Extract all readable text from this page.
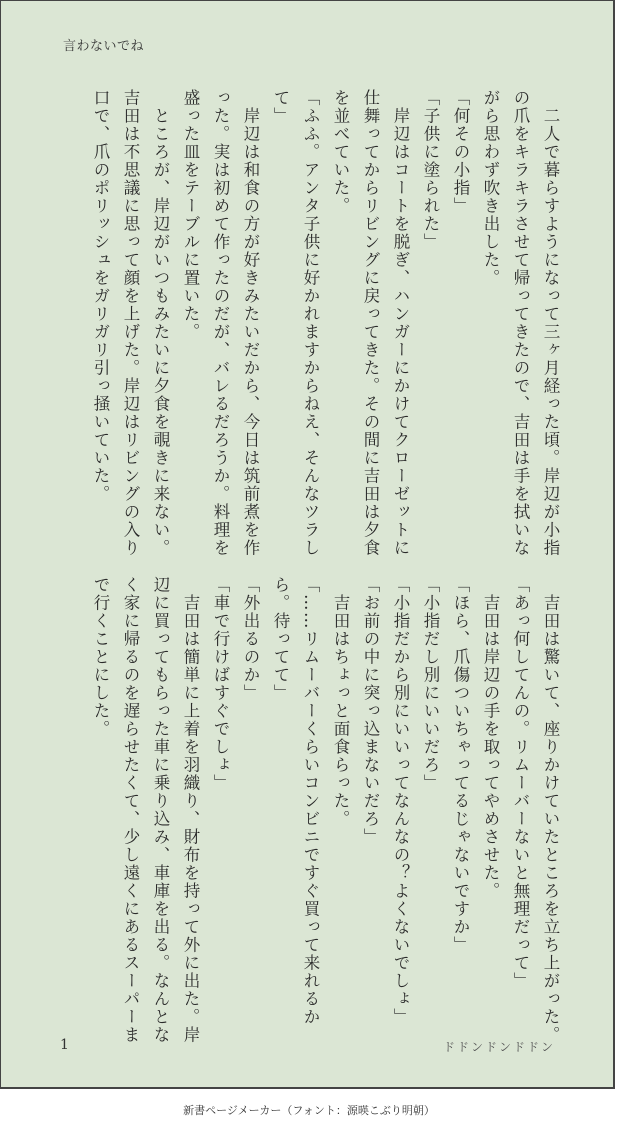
言わないでね

　二人で暮らすようになって三ヶ月経った頃。岸辺が小指の爪をキラキラさせて帰ってきたので、吉田は手を拭いながら思わず吹き出した。

「何その小指」

「子供に塗られた」

　岸辺はコートを脱ぎ、ハンガーにかけてクローゼットに仕舞ってからリビングに戻ってきた。その間に吉田は夕食を並べていた。

「ふふ。アンタ子供に好かれますからねえ、そんなツラして」

　岸辺は和食の方が好きみたいだから、今日は筑前煮を作った。実は初めて作ったのだが、バレるだろうか。料理を盛った皿をテーブルに置いた。

　ところが、岸辺がいつもみたいに夕食を覗きに来ない。吉田は不思議に思って顔を上げた。岸辺はリビングの入り口で、爪のポリッシュをガリガリ引っ掻いていた。

　吉田は驚いて、座りかけていたところを立ち上がった。

「あっ何してんの。リムーバーないと無理だって」

　吉田は岸辺の手を取ってやめさせた。

「ほら、爪傷ついちゃってるじゃないですか」

「小指だし別にいいだろ」

「小指だから別にいいってなんなの？よくないでしょ」

「お前の中に突っ込まないだろ」

　吉田はちょっと面食らった。

「……リムーバーくらいコンビニですぐ買って来れるから。待ってて」

「外出るのか」

「車で行けばすぐでしょ」

　吉田は簡単に上着を羽織り、財布を持って外に出た。岸辺に買ってもらった車に乗り込み、車庫を出る。なんとなく家に帰るのを遅らせたくて、少し遠くにあるスーパーまで行くことにした。

1	ドドンドンドドン
新書ページメーカー（フォント：源暎こぶり明朝）
